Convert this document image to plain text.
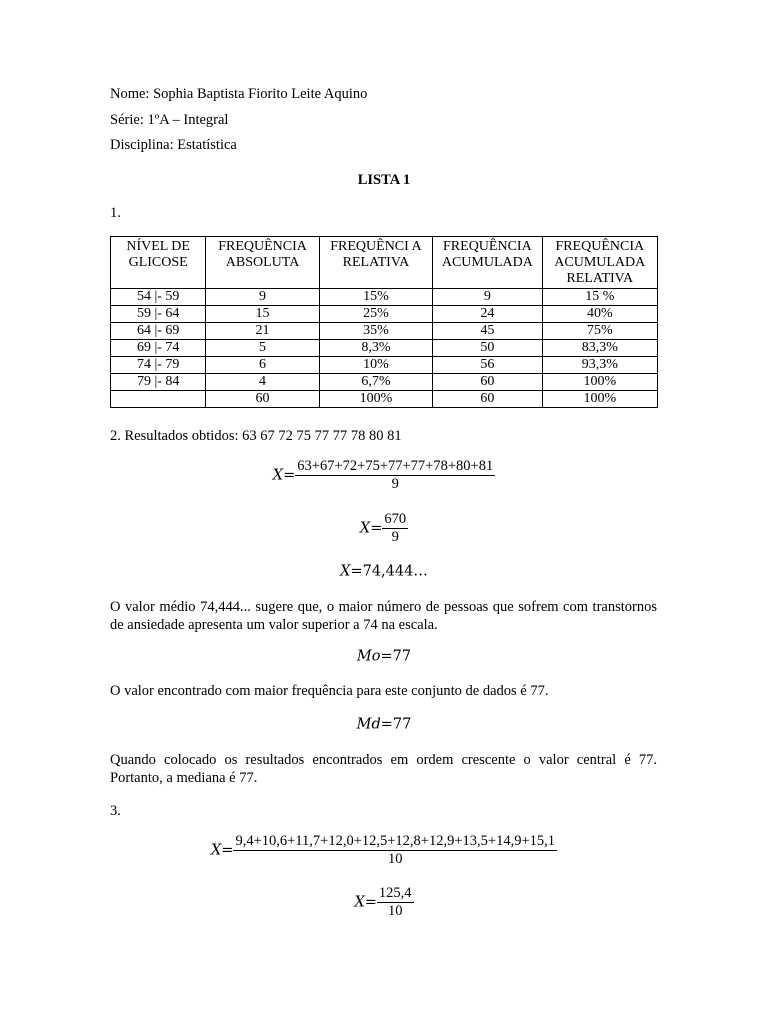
Nome: Sophia Baptista Fiorito Leite Aquino
Série: 1ºA – Integral
Disciplina: Estatística
LISTA 1
1.
NÍVEL DE GLICOSE	FREQUÊNCIA ABSOLUTA	FREQUÊNCI A RELATIVA	FREQUÊNCIA ACUMULADA	FREQUÊNCIA ACUMULADA RELATIVA
54 |- 59	9	15%	9	15 %
59 |- 64	15	25%	24	40%
64 |- 69	21	35%	45	75%
69 |- 74	5	8,3%	50	83,3%
74 |- 79	6	10%	56	93,3%
79 |- 84	4	6,7%	60	100%
	60	100%	60	100%
2. Resultados obtidos: 63 67 72 75 77 77 78 80 81
$X= \frac{63+67+72+75+77+77+78+80+81}{9}$
$X= \frac{670}{9}$
X=74,444…
O valor médio 74,444... sugere que, o maior número de pessoas que sofrem com transtornos de ansiedade apresenta um valor superior a 74 na escala.
Mo=77
O valor encontrado com maior frequência para este conjunto de dados é 77.
Md=77
Quando colocado os resultados encontrados em ordem crescente o valor central é 77. Portanto, a mediana é 77.
3.
$X= \frac{9,4+10,6+11,7+12,0+12,5+12,8+12,9+13,5+14,9+15,1}{10}$
$X= \frac{125,4}{10}$
